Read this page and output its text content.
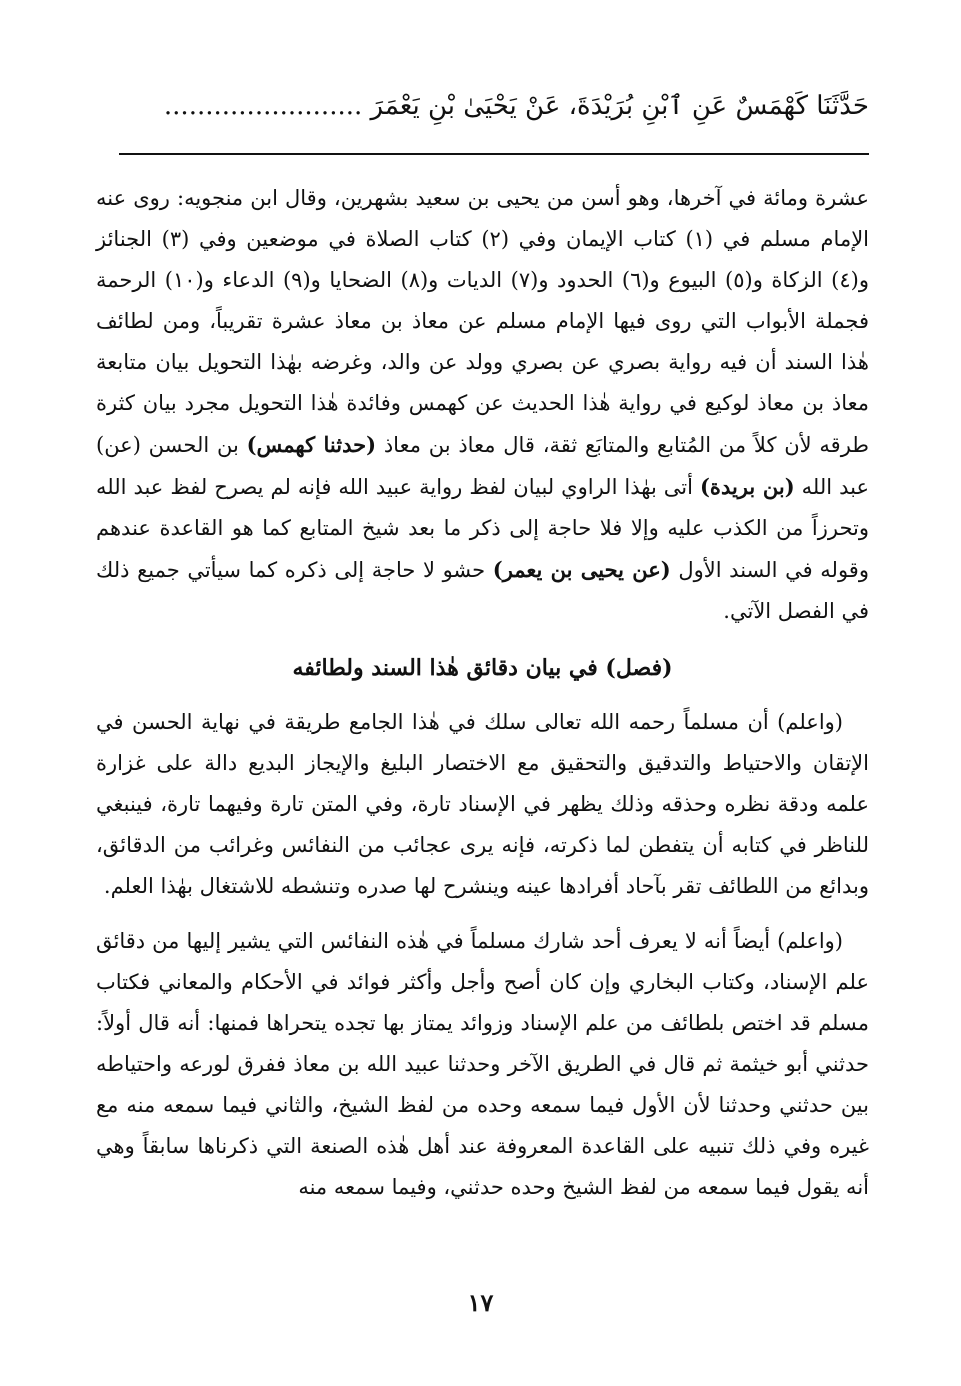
حَدَّثَنَا كَهْمَسٌ عَنِ ٱبْنِ بُرَيْدَةَ، عَنْ يَحْيَىٰ بْنِ يَعْمَرَ ........................

عشرة ومائة في آخرها، وهو أسن من يحيى بن سعيد بشهرين، وقال ابن منجويه: روى عنه الإمام مسلم في (١) كتاب الإيمان وفي (٢) كتاب الصلاة في موضعين وفي (٣) الجنائز و(٤) الزكاة و(٥) البيوع و(٦) الحدود و(٧) الديات و(٨) الضحايا و(٩) الدعاء و(١٠) الرحمة فجملة الأبواب التي روى فيها الإمام مسلم عن معاذ بن معاذ عشرة تقريباً، ومن لطائف هٰذا السند أن فيه رواية بصري عن بصري وولد عن والد، وغرضه بهٰذا التحويل بيان متابعة معاذ بن معاذ لوكيع في رواية هٰذا الحديث عن كهمس وفائدة هٰذا التحويل مجرد بيان كثرة طرقه لأن كلاً من المُتابع والمتابَع ثقة، قال معاذ بن معاذ (حدثنا كهمس) بن الحسن (عن) عبد الله (بن بريدة) أتى بهٰذا الراوي لبيان لفظ رواية عبيد الله فإنه لم يصرح لفظ عبد الله وتحرزاً من الكذب عليه وإلا فلا حاجة إلى ذكر ما بعد شيخ المتابع كما هو القاعدة عندهم وقوله في السند الأول (عن يحيى بن يعمر) حشو لا حاجة إلى ذكره كما سيأتي جميع ذلك في الفصل الآتي.

(فصل) في بيان دقائق هٰذا السند ولطائفه

(واعلم) أن مسلماً رحمه الله تعالى سلك في هٰذا الجامع طريقة في نهاية الحسن في الإتقان والاحتياط والتدقيق والتحقيق مع الاختصار البليغ والإيجاز البديع دالة على غزارة علمه ودقة نظره وحذقه وذلك يظهر في الإسناد تارة، وفي المتن تارة وفيهما تارة، فينبغي للناظر في كتابه أن يتفطن لما ذكرته، فإنه يرى عجائب من النفائس وغرائب من الدقائق، وبدائع من اللطائف تقر بآحاد أفرادها عينه وينشرح لها صدره وتنشطه للاشتغال بهٰذا العلم.

(واعلم) أيضاً أنه لا يعرف أحد شارك مسلماً في هٰذه النفائس التي يشير إليها من دقائق علم الإسناد، وكتاب البخاري وإن كان أصح وأجل وأكثر فوائد في الأحكام والمعاني فكتاب مسلم قد اختص بلطائف من علم الإسناد وزوائد يمتاز بها تجده يتحراها فمنها: أنه قال أولاً: حدثني أبو خيثمة ثم قال في الطريق الآخر وحدثنا عبيد الله بن معاذ ففرق لورعه واحتياطه بين حدثني وحدثنا لأن الأول فيما سمعه وحده من لفظ الشيخ، والثاني فيما سمعه منه مع غيره وفي ذلك تنبيه على القاعدة المعروفة عند أهل هٰذه الصنعة التي ذكرناها سابقاً وهي أنه يقول فيما سمعه من لفظ الشيخ وحده حدثني، وفيما سمعه منه

١٧
